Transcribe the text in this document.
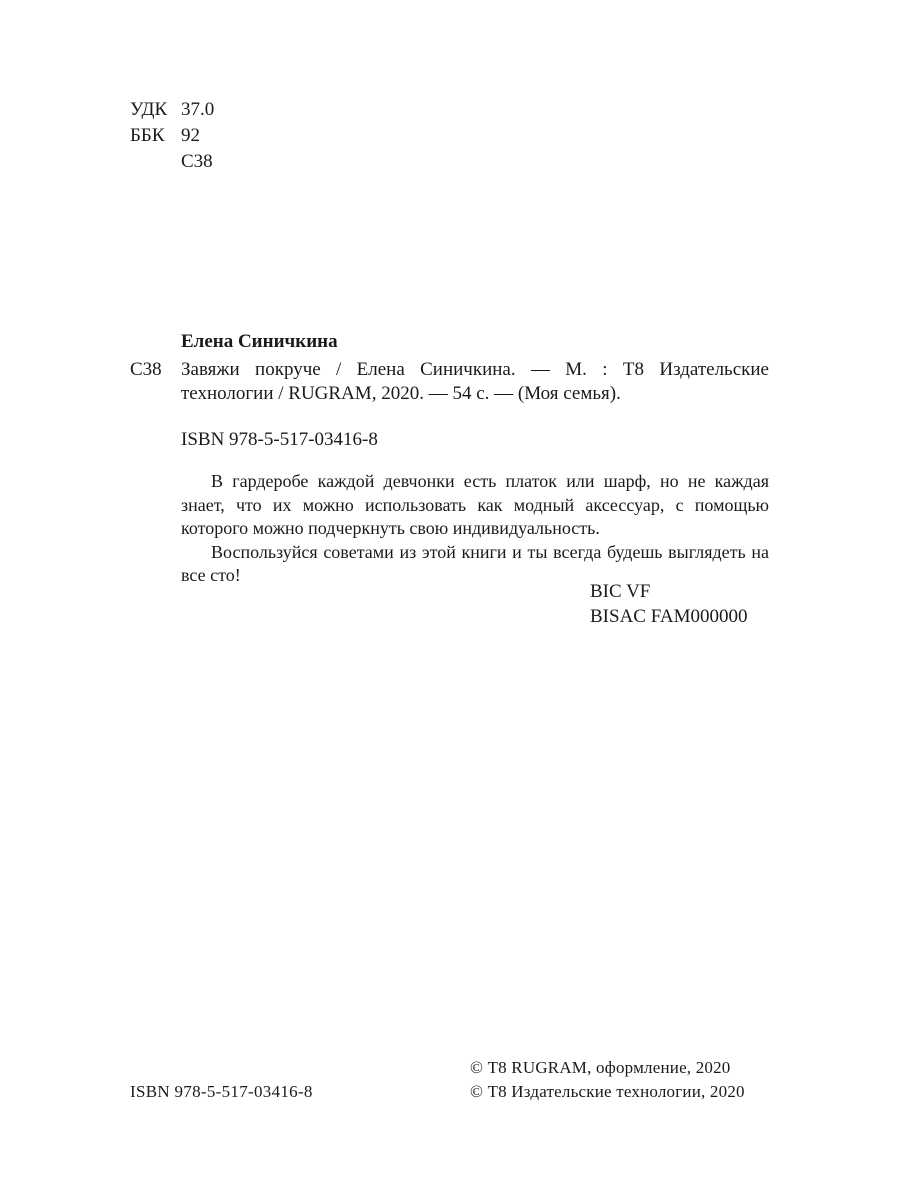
УДК 37.0
ББК 92
С38
Елена Синичкина
С38 Завяжи покруче / Елена Синичкина. — М. : Т8 Издательские технологии / RUGRAM, 2020. — 54 с. — (Моя семья).
ISBN 978-5-517-03416-8

В гардеробе каждой девчонки есть платок или шарф, но не каждая знает, что их можно использовать как модный аксессуар, с помощью которого можно подчеркнуть свою индивидуальность.

Воспользуйся советами из этой книги и ты всегда будешь выглядеть на все сто!

BIC VF
BISAC FAM000000
ISBN 978-5-517-03416-8
© Т8 RUGRAM, оформление, 2020
© Т8 Издательские технологии, 2020
